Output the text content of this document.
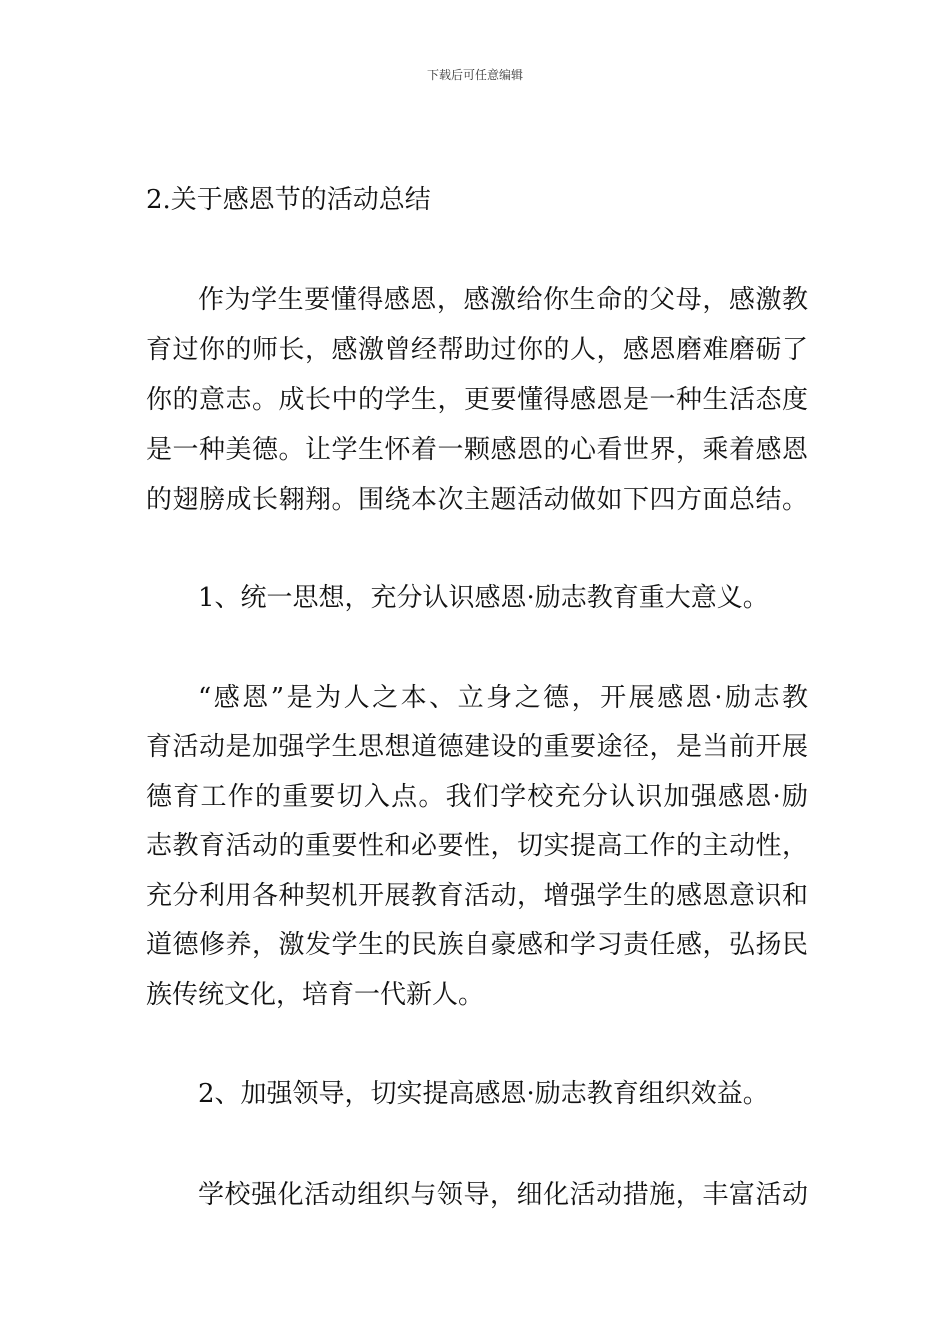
下载后可任意编辑
2.关于感恩节的活动总结
作为学生要懂得感恩，感激给你生命的父母，感激教
育过你的师长，感激曾经帮助过你的人，感恩磨难磨砺了
你的意志。成长中的学生，更要懂得感恩是一种生活态度
是一种美德。让学生怀着一颗感恩的心看世界，乘着感恩
的翅膀成长翱翔。围绕本次主题活动做如下四方面总结。
1、统一思想，充分认识感恩·励志教育重大意义。
“感恩”是为人之本、立身之德，开展感恩·励志教
育活动是加强学生思想道德建设的重要途径，是当前开展
德育工作的重要切入点。我们学校充分认识加强感恩·励
志教育活动的重要性和必要性，切实提高工作的主动性，
充分利用各种契机开展教育活动，增强学生的感恩意识和
道德修养，激发学生的民族自豪感和学习责任感，弘扬民
族传统文化，培育一代新人。
2、加强领导，切实提高感恩·励志教育组织效益。
学校强化活动组织与领导，细化活动措施，丰富活动
